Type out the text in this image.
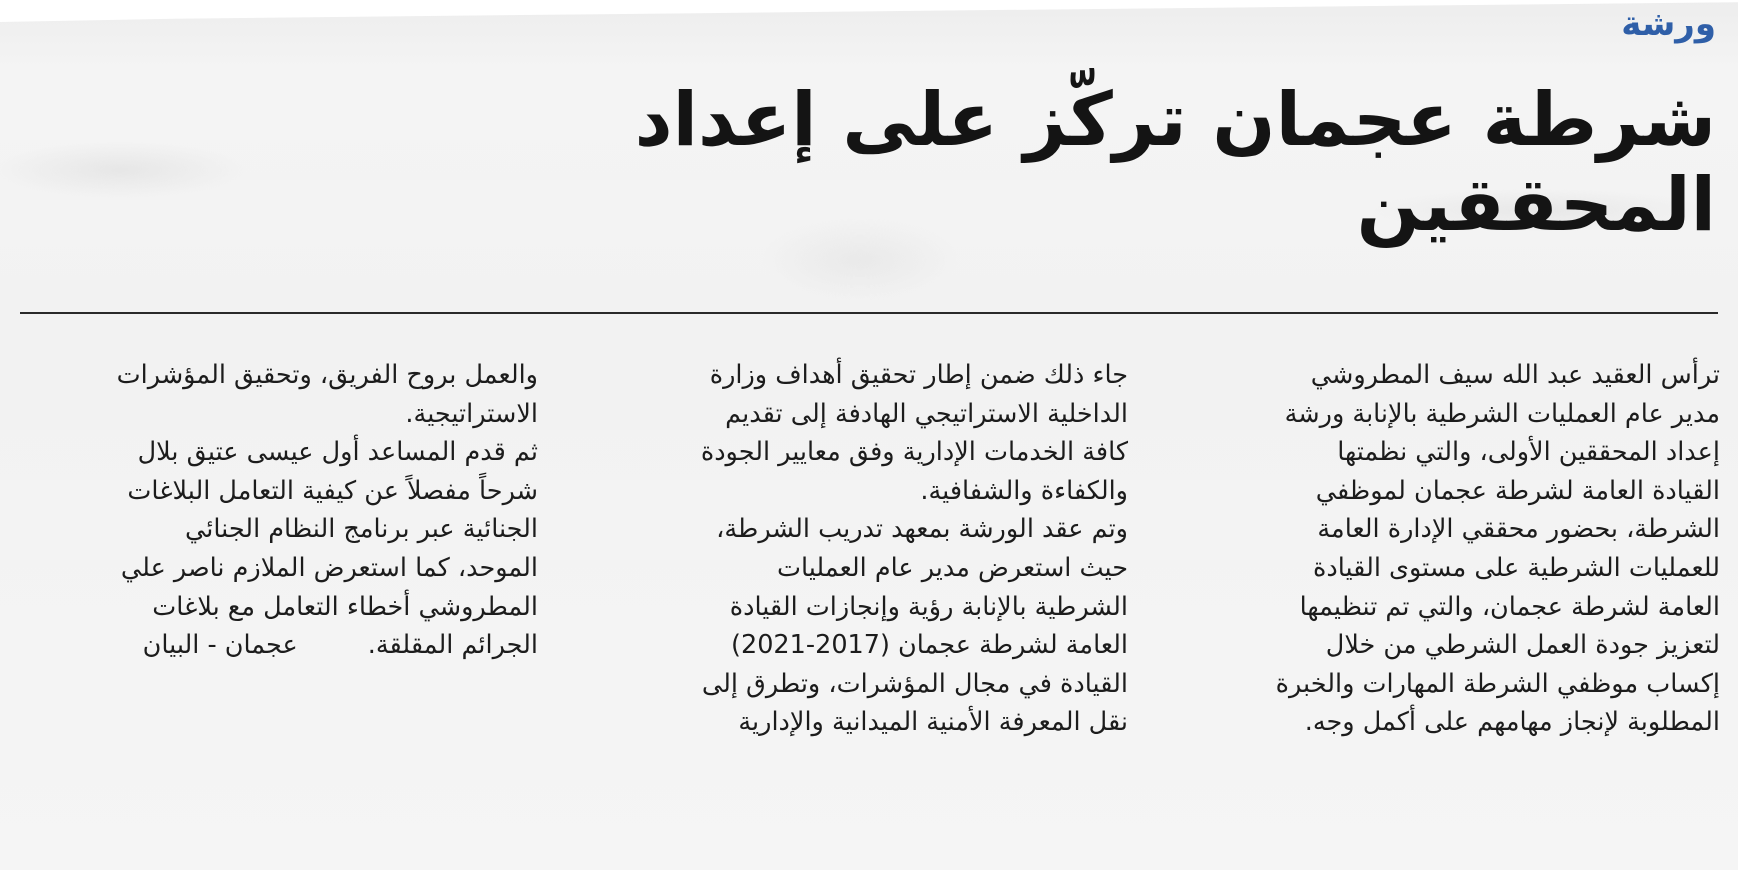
ورشة
شرطة عجمان تركّز على إعداد المحققين
ترأس العقيد عبد الله سيف المطروشي
مدير عام العمليات الشرطية بالإنابة ورشة
إعداد المحققين الأولى، والتي نظمتها
القيادة العامة لشرطة عجمان لموظفي
الشرطة، بحضور محققي الإدارة العامة
للعمليات الشرطية على مستوى القيادة
العامة لشرطة عجمان، والتي تم تنظيمها
لتعزيز جودة العمل الشرطي من خلال
إكساب موظفي الشرطة المهارات والخبرة
المطلوبة لإنجاز مهامهم على أكمل وجه.
جاء ذلك ضمن إطار تحقيق أهداف وزارة
الداخلية الاستراتيجي الهادفة إلى تقديم
كافة الخدمات الإدارية وفق معايير الجودة
والكفاءة والشفافية.
وتم عقد الورشة بمعهد تدريب الشرطة،
حيث استعرض مدير عام العمليات
الشرطية بالإنابة رؤية وإنجازات القيادة
العامة لشرطة عجمان (2017-2021)
القيادة في مجال المؤشرات، وتطرق إلى
نقل المعرفة الأمنية الميدانية والإدارية
والعمل بروح الفريق، وتحقيق المؤشرات
الاستراتيجية.
ثم قدم المساعد أول عيسى عتيق بلال
شرحاً مفصلاً عن كيفية التعامل البلاغات
الجنائية عبر برنامج النظام الجنائي
الموحد، كما استعرض الملازم ناصر علي
المطروشي أخطاء التعامل مع بلاغات
الجرائم المقلقة.عجمان - البيان
